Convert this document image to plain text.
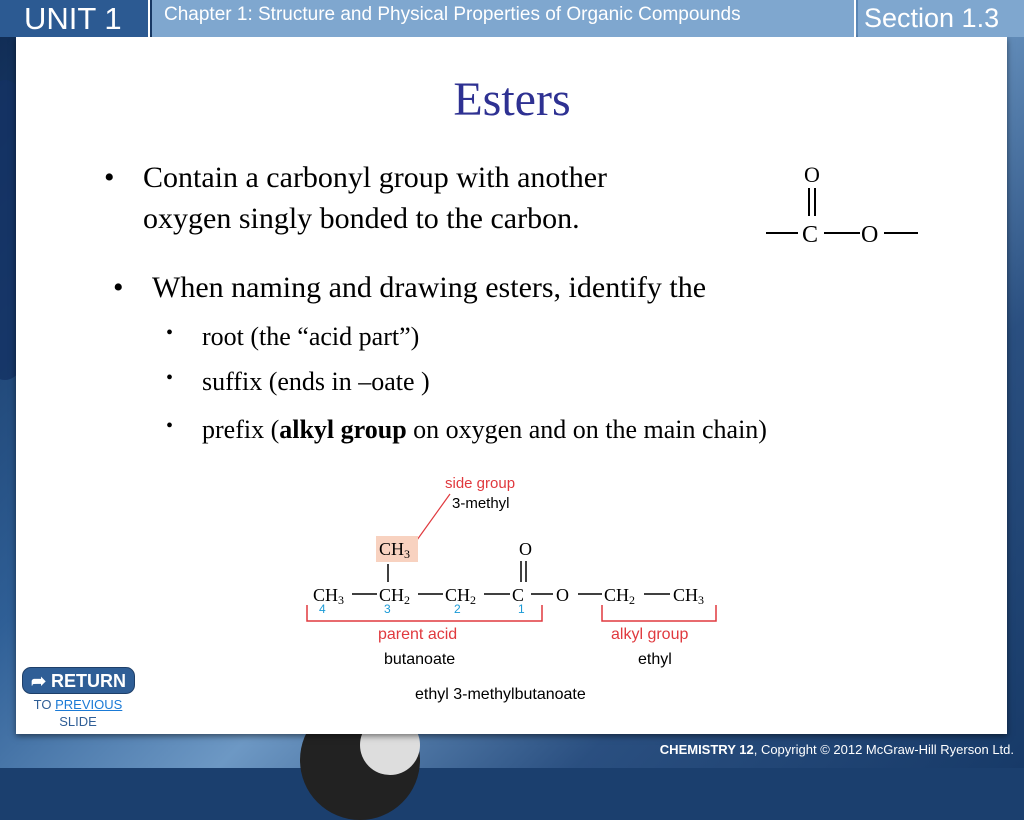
UNIT 1	Chapter 1: Structure and Physical Properties of Organic Compounds	Section 1.3
Esters
• Contain a carbonyl group with another oxygen singly bonded to the carbon.
• When naming and drawing esters, identify the
• root (the “acid part”)
• suffix (ends in –oate )
• prefix (alkyl group on oxygen and on the main chain)
O
C O
side group
3-methyl
CH3	O
CH3 CH2 CH2 C O CH2 CH3
4	3	2	1
parent acid
butanoate
alkyl group
ethyl
ethyl 3-methylbutanoate
➦ RETURN
TO PREVIOUS
SLIDE
CHEMISTRY 12, Copyright © 2012 McGraw-Hill Ryerson Ltd.
